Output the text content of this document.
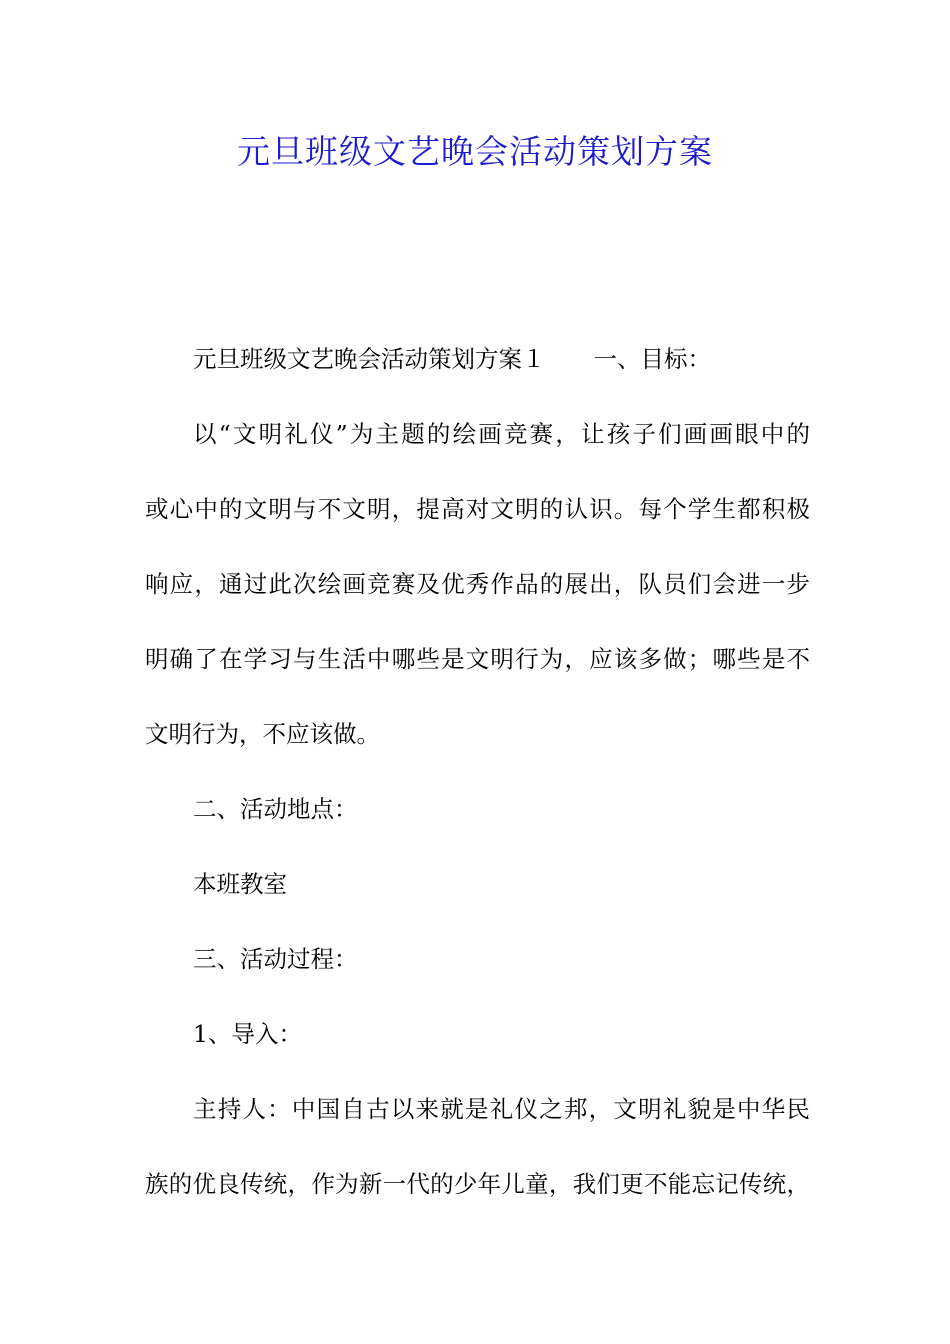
元旦班级文艺晚会活动策划方案
元旦班级文艺晚会活动策划方案１ 一、目标：
以“文明礼仪”为主题的绘画竞赛，让孩子们画画眼中的
或心中的文明与不文明，提高对文明的认识。每个学生都积极
响应，通过此次绘画竞赛及优秀作品的展出，队员们会进一步
明确了在学习与生活中哪些是文明行为，应该多做；哪些是不
文明行为，不应该做。
二、活动地点：
本班教室
三、活动过程：
1、导入：
主持人：中国自古以来就是礼仪之邦，文明礼貌是中华民
族的优良传统，作为新一代的少年儿童，我们更不能忘记传统，
